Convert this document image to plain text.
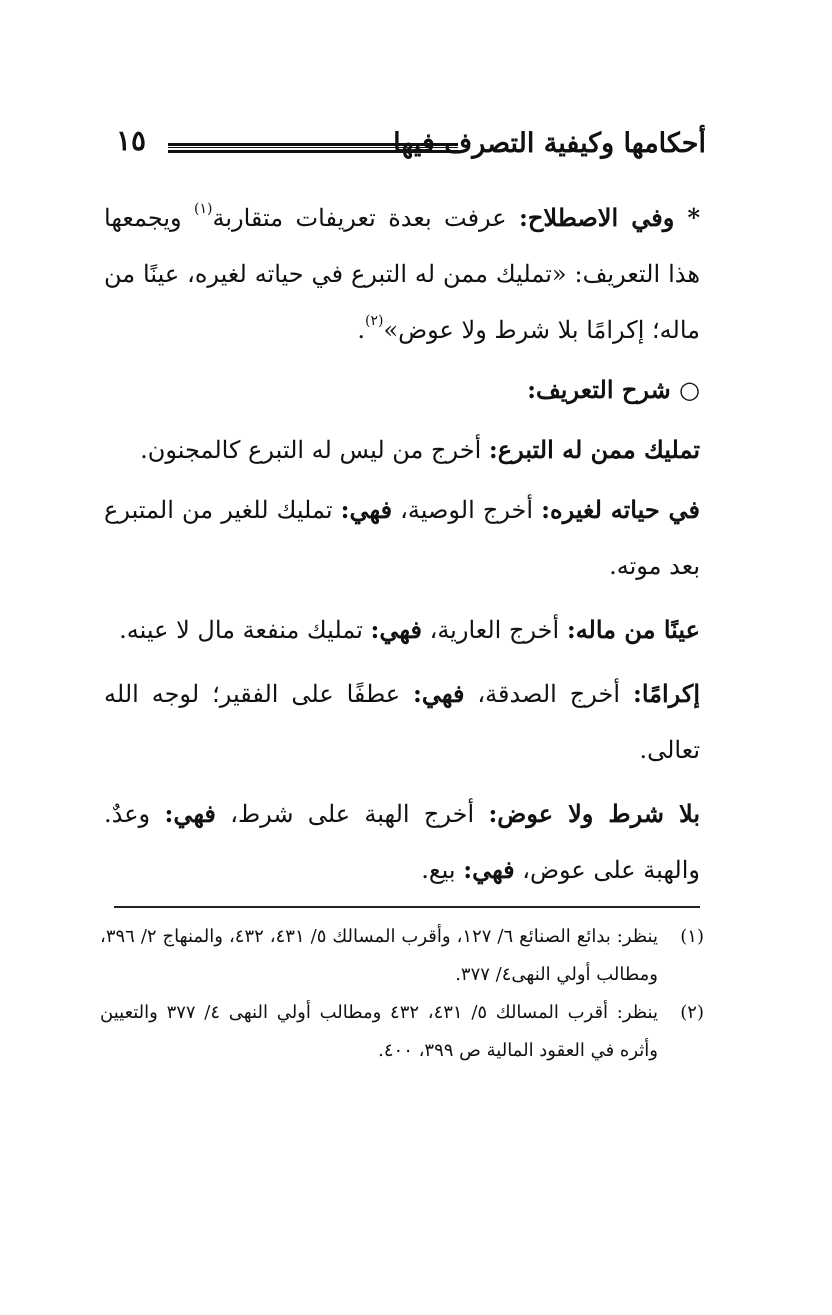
أحكامها وكيفية التصرف فيها
١٥

* وفي الاصطلاح: عرفت بعدة تعريفات متقاربة$^{(١)}$ ويجمعها هذا التعريف: «تمليك ممن له التبرع في حياته لغيره، عينًا من ماله؛ إكرامًا بلا شرط ولا عوض»$^{(٢)}$.

○ شرح التعريف:

تمليك ممن له التبرع: أخرج من ليس له التبرع كالمجنون.

في حياته لغيره: أخرج الوصية، فهي: تمليك للغير من المتبرع بعد موته.

عينًا من ماله: أخرج العارية، فهي: تمليك منفعة مال لا عينه.

إكرامًا: أخرج الصدقة، فهي: عطفًا على الفقير؛ لوجه الله تعالى.

بلا شرط ولا عوض: أخرج الهبة على شرط، فهي: وعدٌ. والهبة على عوض، فهي: بيع.

(١)
ينظر: بدائع الصنائع ٦/ ١٢٧، وأقرب المسالك ٥/ ٤٣١، ٤٣٢، والمنهاج ٢/ ٣٩٦، ومطالب أولي النهى٤/ ٣٧٧.
(٢)
ينظر: أقرب المسالك ٥/ ٤٣١، ٤٣٢ ومطالب أولي النهى ٤/ ٣٧٧ والتعيين وأثره في العقود المالية ص ٣٩٩، ٤٠٠.
